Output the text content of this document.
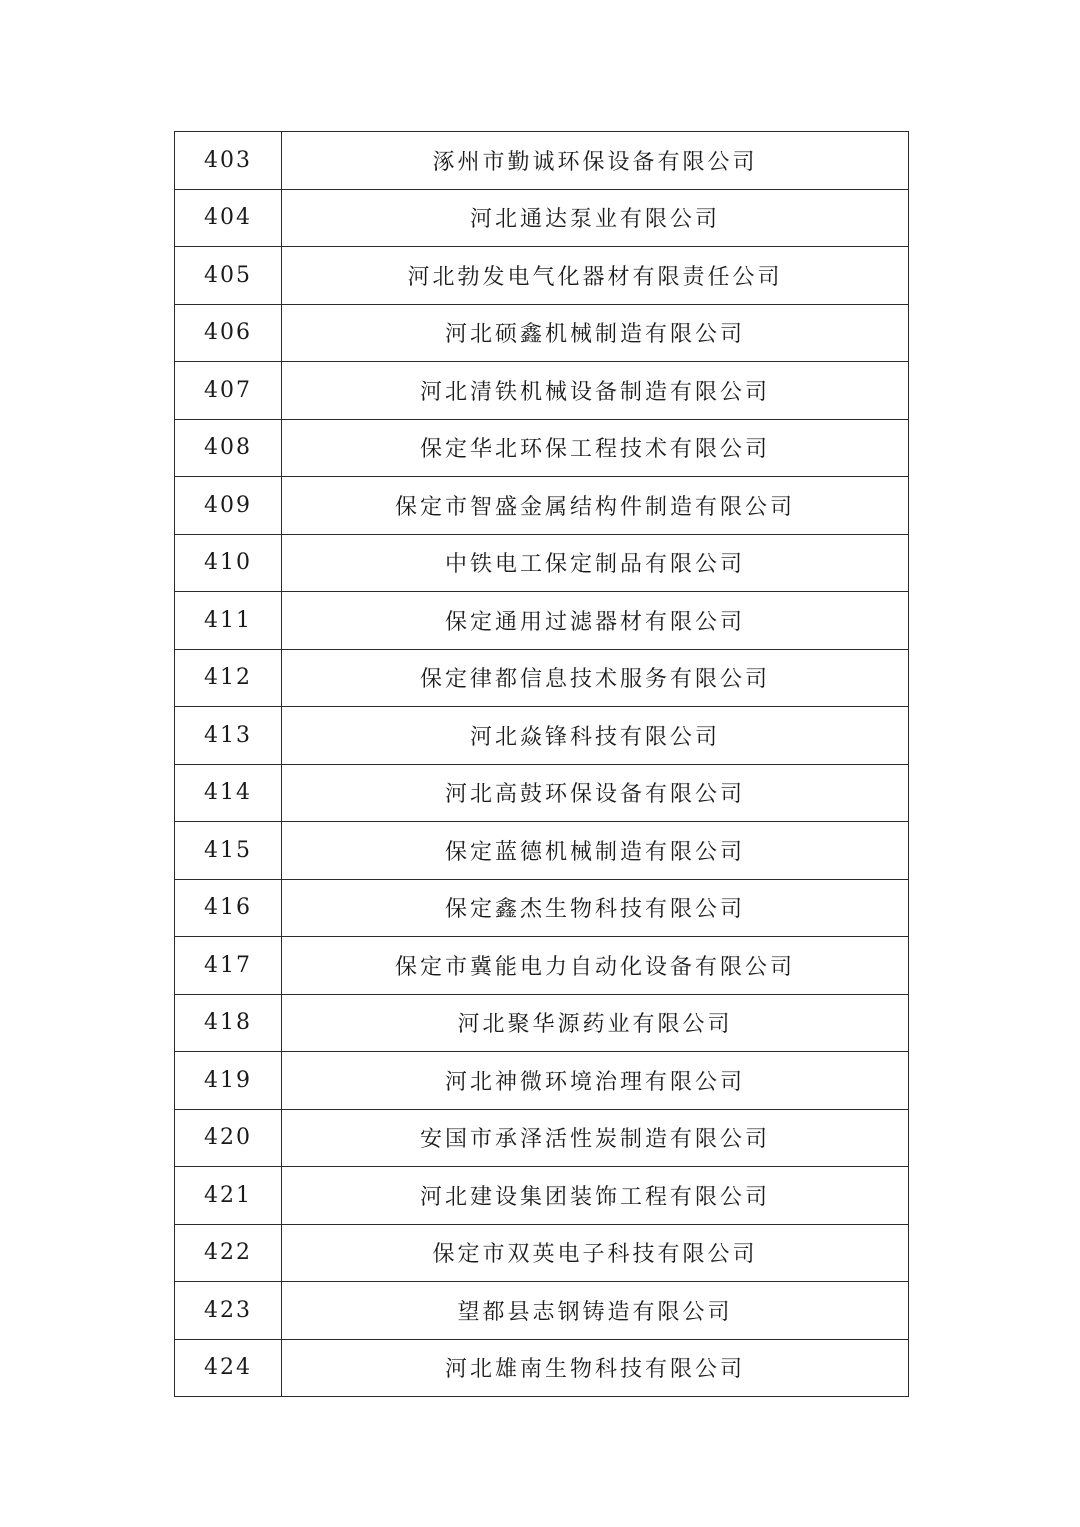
403	涿州市勤诚环保设备有限公司
404	河北通达泵业有限公司
405	河北勃发电气化器材有限责任公司
406	河北硕鑫机械制造有限公司
407	河北清铁机械设备制造有限公司
408	保定华北环保工程技术有限公司
409	保定市智盛金属结构件制造有限公司
410	中铁电工保定制品有限公司
411	保定通用过滤器材有限公司
412	保定律都信息技术服务有限公司
413	河北焱锋科技有限公司
414	河北高鼓环保设备有限公司
415	保定蓝德机械制造有限公司
416	保定鑫杰生物科技有限公司
417	保定市冀能电力自动化设备有限公司
418	河北聚华源药业有限公司
419	河北神微环境治理有限公司
420	安国市承泽活性炭制造有限公司
421	河北建设集团装饰工程有限公司
422	保定市双英电子科技有限公司
423	望都县志钢铸造有限公司
424	河北雄南生物科技有限公司
